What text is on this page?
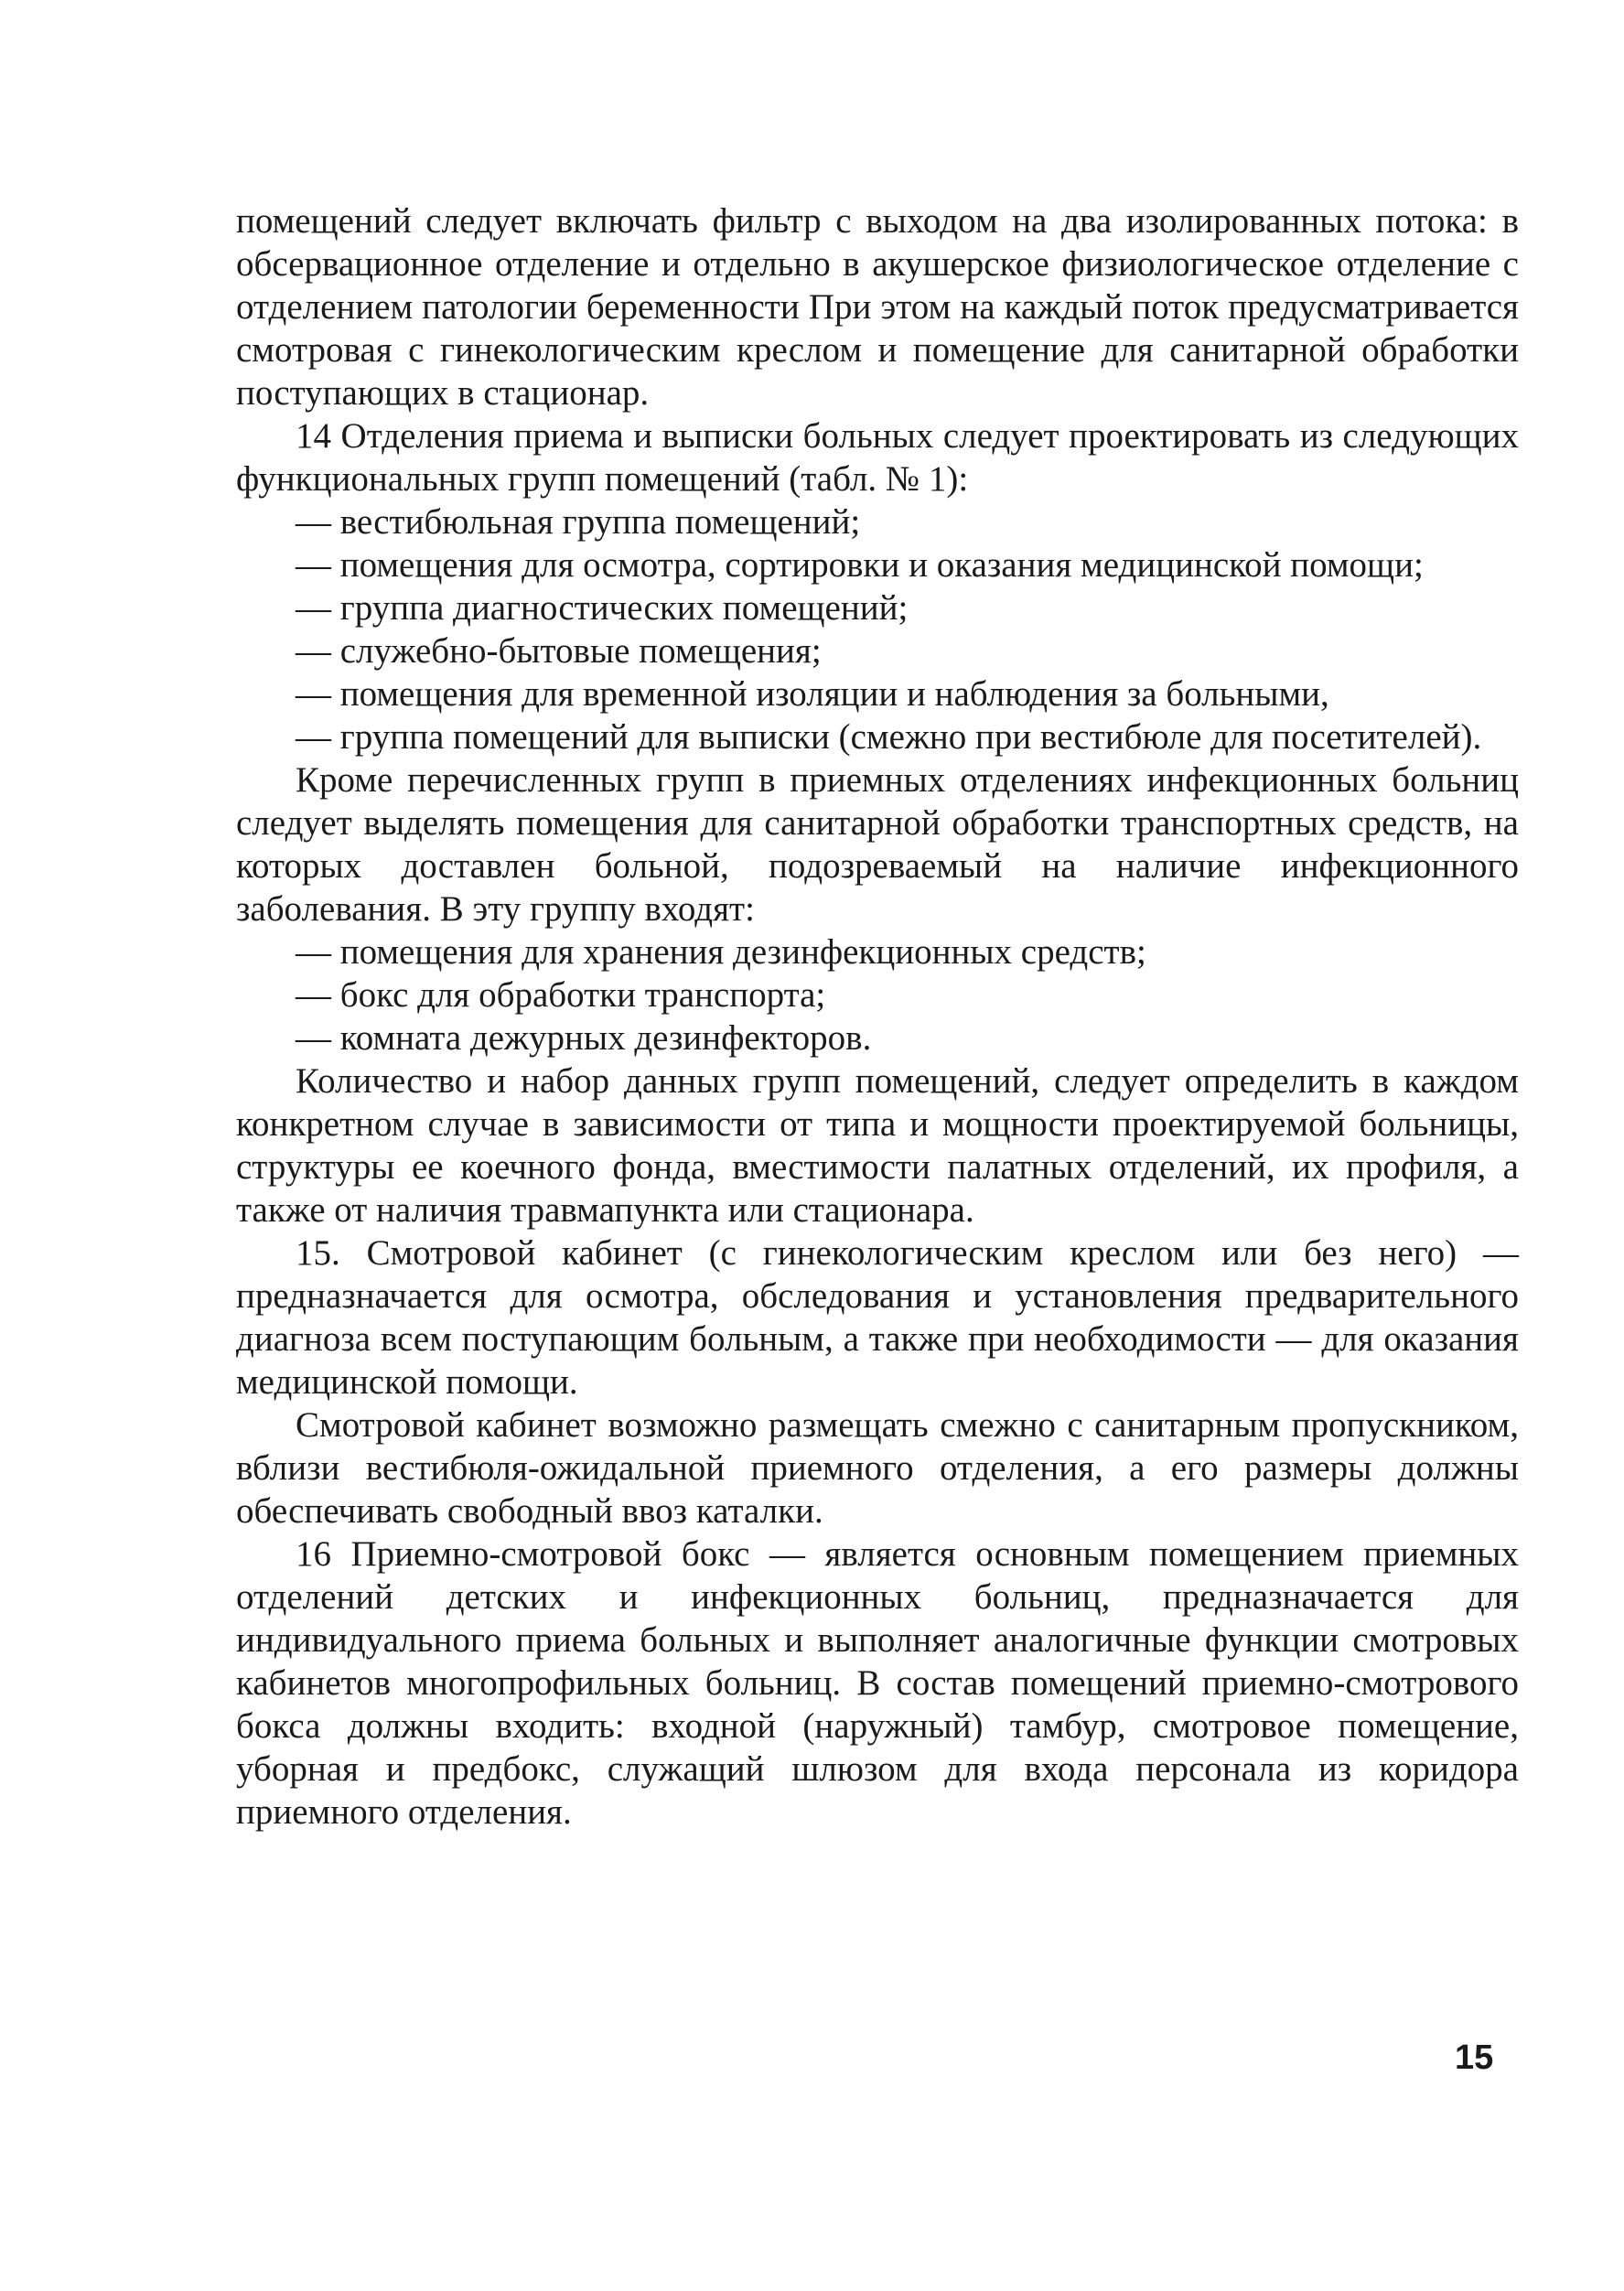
помещений следует включать фильтр с выходом на два изолированных потока: в обсервационное отделение и отдельно в акушерское физиологическое отделение с отделением патологии беременности При этом на каждый поток предусматривается смотровая с гинекологическим креслом и помещение для санитарной обработки поступающих в стационар.

14 Отделения приема и выписки больных следует проектировать из следующих функциональных групп помещений (табл. № 1):

— вестибюльная группа помещений;

— помещения для осмотра, сортировки и оказания медицинской помощи;

— группа диагностических помещений;

— служебно-бытовые помещения;

— помещения для временной изоляции и наблюдения за больными,

— группа помещений для выписки (смежно при вестибюле для посетителей).

Кроме перечисленных групп в приемных отделениях инфекционных больниц следует выделять помещения для санитарной обработки транспортных средств, на которых доставлен больной, подозреваемый на наличие инфекционного заболевания. В эту группу входят:

— помещения для хранения дезинфекционных средств;

— бокс для обработки транспорта;

— комната дежурных дезинфекторов.

Количество и набор данных групп помещений, следует определить в каждом конкретном случае в зависимости от типа и мощности проектируемой больницы, структуры ее коечного фонда, вместимости палатных отделений, их профиля, а также от наличия травмапункта или стационара.

15. Смотровой кабинет (с гинекологическим креслом или без него) — предназначается для осмотра, обследования и установления предварительного диагноза всем поступающим больным, а также при необходимости — для оказания медицинской помощи.

Смотровой кабинет возможно размещать смежно с санитарным пропускником, вблизи вестибюля-ожидальной приемного отделения, а его размеры должны обеспечивать свободный ввоз каталки.

16 Приемно-смотровой бокс — является основным помещением приемных отделений детских и инфекционных больниц, предназначается для индивидуального приема больных и выполняет аналогичные функции смотровых кабинетов многопрофильных больниц. В состав помещений приемно-смотрового бокса должны входить: входной (наружный) тамбур, смотровое помещение, уборная и предбокс, служащий шлюзом для входа персонала из коридора приемного отделения.

15
